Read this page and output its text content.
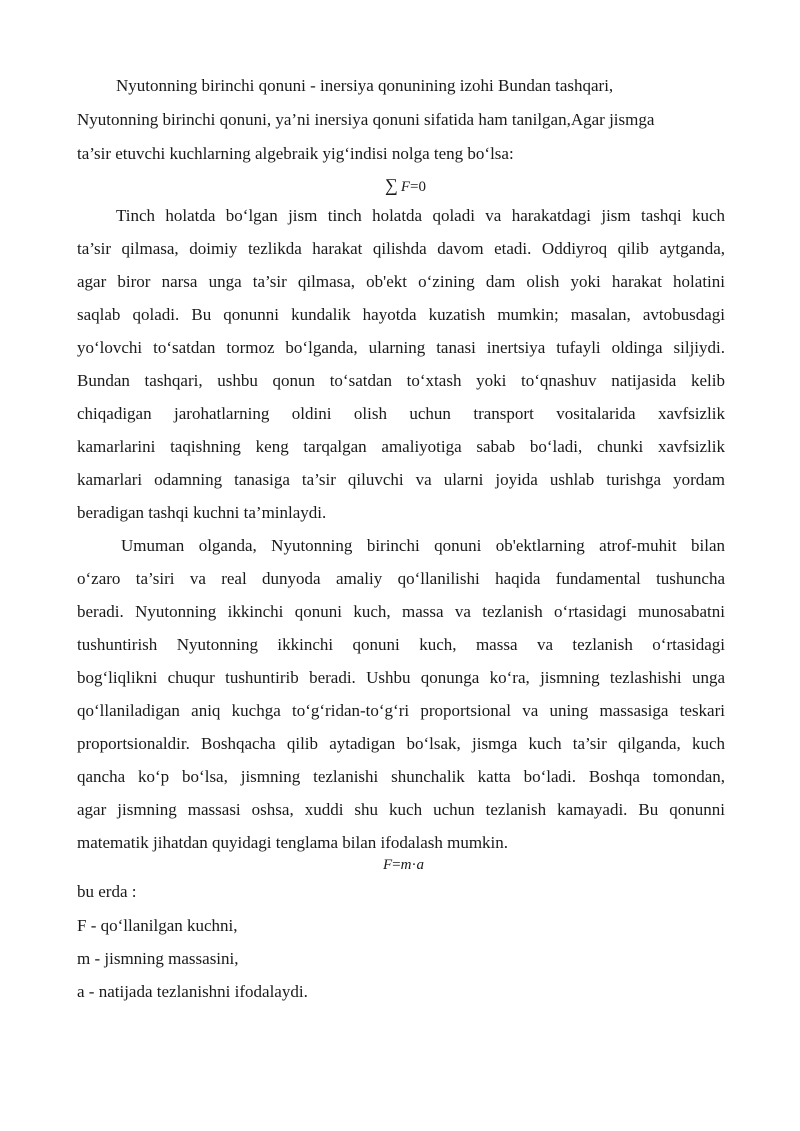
Nyutonning birinchi qonuni - inersiya qonunining izohi Bundan tashqari,
Nyutonning birinchi qonuni, ya’ni inersiya qonuni sifatida ham tanilgan,Agar jismga
ta’sir etuvchi kuchlarning algebraik yig‘indisi nolga teng bo‘lsa:
∑ F=0
Tinch holatda bo‘lgan jism tinch holatda qoladi va harakatdagi jism tashqi kuch
ta’sir qilmasa, doimiy tezlikda harakat qilishda davom etadi. Oddiyroq qilib aytganda,
agar biror narsa unga ta’sir qilmasa, ob'ekt o‘zining dam olish yoki harakat holatini
saqlab qoladi. Bu qonunni kundalik hayotda kuzatish mumkin; masalan, avtobusdagi
yo‘lovchi to‘satdan tormoz bo‘lganda, ularning tanasi inertsiya tufayli oldinga siljiydi.
Bundan tashqari, ushbu qonun to‘satdan to‘xtash yoki to‘qnashuv natijasida kelib
chiqadigan jarohatlarning oldini olish uchun transport vositalarida xavfsizlik
kamarlarini taqishning keng tarqalgan amaliyotiga sabab bo‘ladi, chunki xavfsizlik
kamarlari odamning tanasiga ta’sir qiluvchi va ularni joyida ushlab turishga yordam
beradigan tashqi kuchni ta’minlaydi.
Umuman olganda, Nyutonning birinchi qonuni ob'ektlarning atrof-muhit bilan
o‘zaro ta’siri va real dunyoda amaliy qo‘llanilishi haqida fundamental tushuncha
beradi. Nyutonning ikkinchi qonuni kuch, massa va tezlanish o‘rtasidagi munosabatni
tushuntirish Nyutonning ikkinchi qonuni kuch, massa va tezlanish o‘rtasidagi
bog‘liqlikni chuqur tushuntirib beradi. Ushbu qonunga ko‘ra, jismning tezlashishi unga
qo‘llaniladigan aniq kuchga to‘g‘ridan-to‘g‘ri proportsional va uning massasiga teskari
proportsionaldir. Boshqacha qilib aytadigan bo‘lsak, jismga kuch ta’sir qilganda, kuch
qancha ko‘p bo‘lsa, jismning tezlanishi shunchalik katta bo‘ladi. Boshqa tomondan,
agar jismning massasi oshsa, xuddi shu kuch uchun tezlanish kamayadi. Bu qonunni
matematik jihatdan quyidagi tenglama bilan ifodalash mumkin.
F=m·a
bu erda :
F - qo‘llanilgan kuchni,
m - jismning massasini,
a - natijada tezlanishni ifodalaydi.
